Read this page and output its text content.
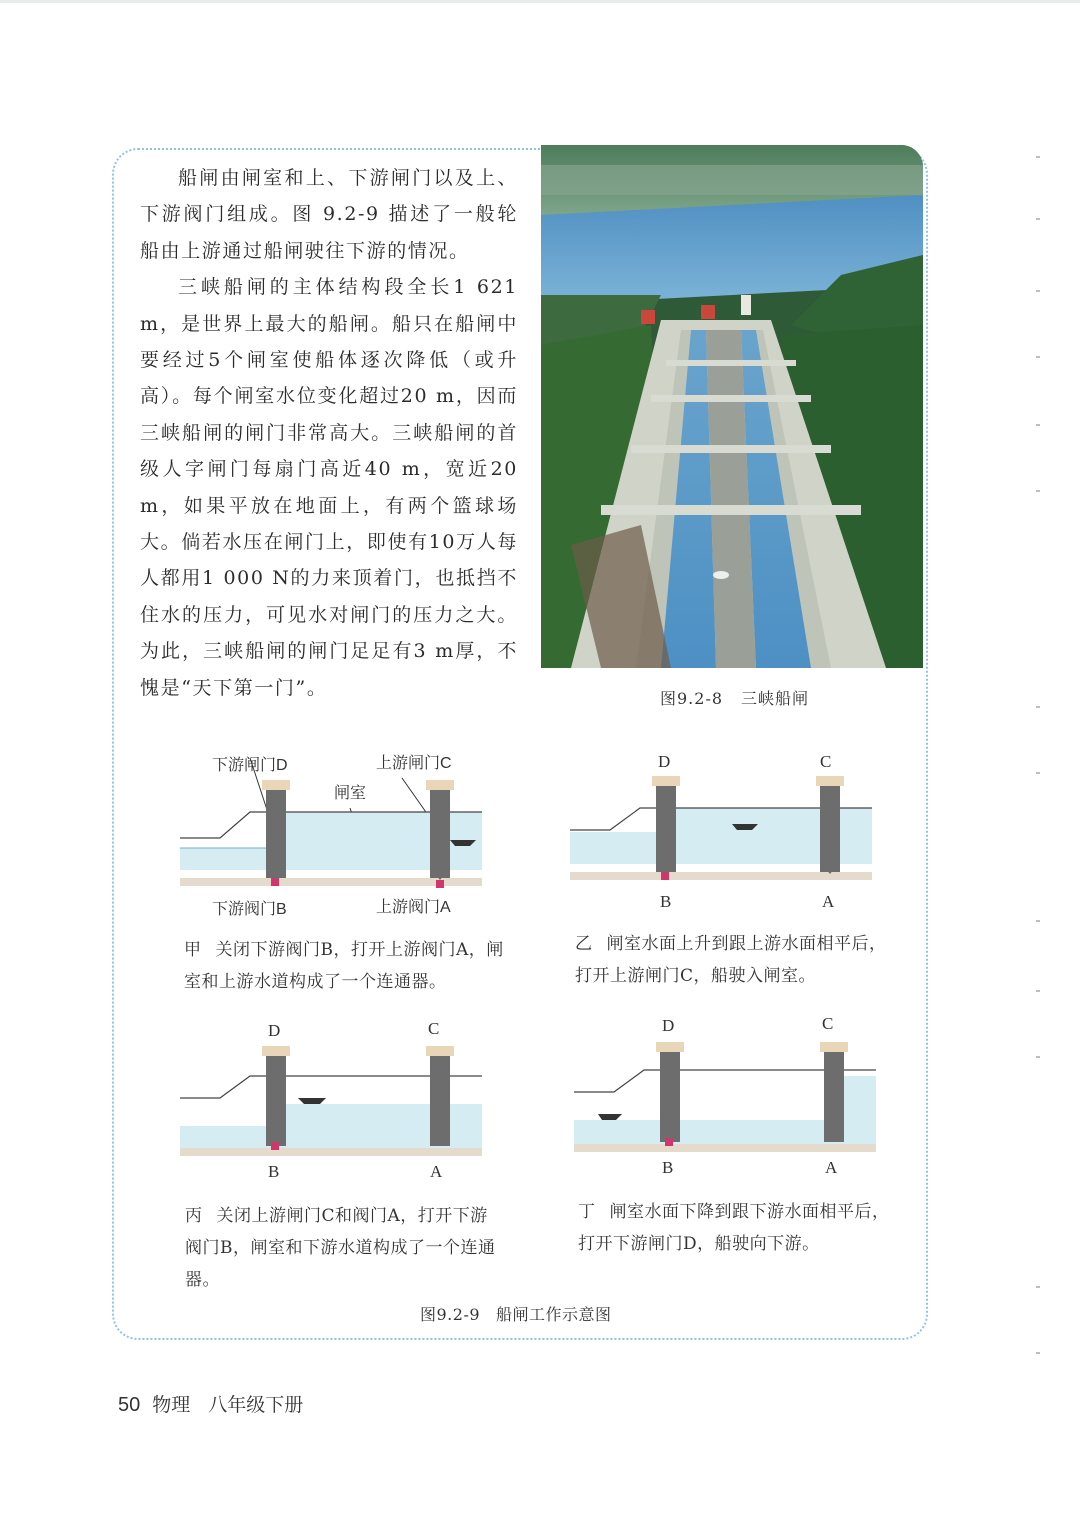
船闸由闸室和上、下游闸门以及上、下游阀门组成。图 9.2-9 描述了一般轮船由上游通过船闸驶往下游的情况。

三峡船闸的主体结构段全长1 621 m，是世界上最大的船闸。船只在船闸中要经过5个闸室使船体逐次降低（或升高）。每个闸室水位变化超过20 m，因而三峡船闸的闸门非常高大。三峡船闸的首级人字闸门每扇门高近40 m，宽近20 m，如果平放在地面上，有两个篮球场大。倘若水压在闸门上，即使有10万人每人都用1 000 N的力来顶着门，也抵挡不住水的压力，可见水对闸门的压力之大。为此，三峡船闸的闸门足足有3 m厚，不愧是“天下第一门”。	图9.2-8 三峡船闸
下游闸门D	上游闸门C
闸室
下游阀门B	上游阀门A
甲 关闭下游阀门B，打开上游阀门A，闸室和上游水道构成了一个连通器。
D	C
B	A
乙 闸室水面上升到跟上游水面相平后，打开上游闸门C，船驶入闸室。
D	C
B	A
丙 关闭上游闸门C和阀门A，打开下游阀门B，闸室和下游水道构成了一个连通器。
D	C
B	A
丁 闸室水面下降到跟下游水面相平后，打开下游闸门D，船驶向下游。
图9.2-9 船闸工作示意图
50 物理 八年级下册
